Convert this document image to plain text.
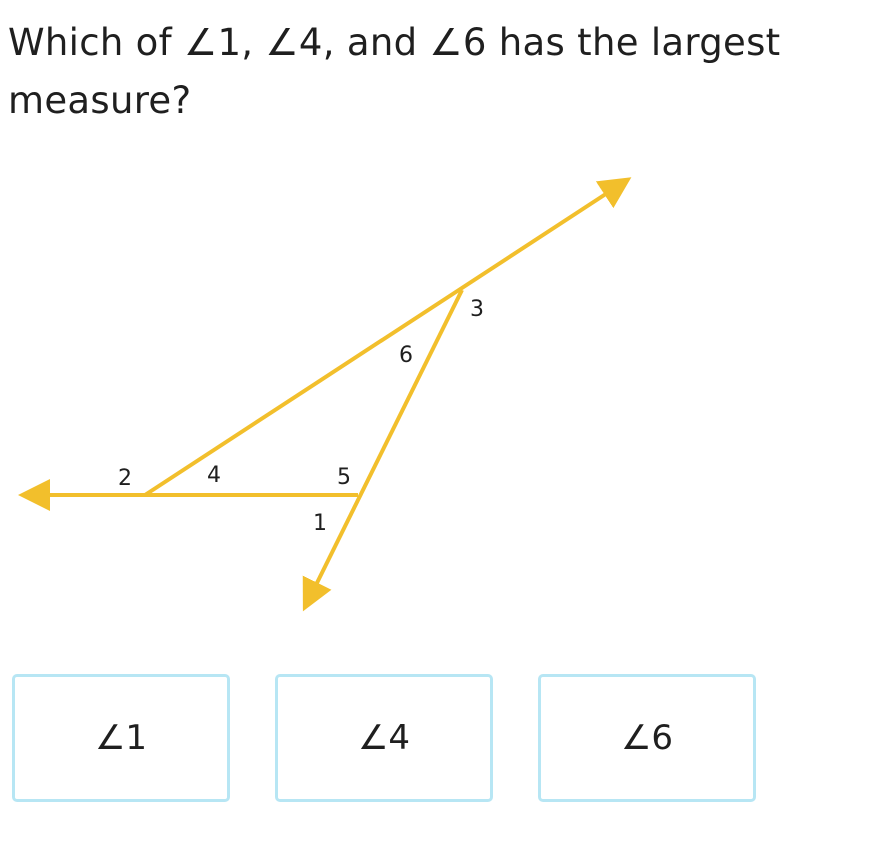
Which of ∠1, ∠4, and ∠6 has the largest measure?
3
6
2	4	5
1
∠1	∠4	∠6
